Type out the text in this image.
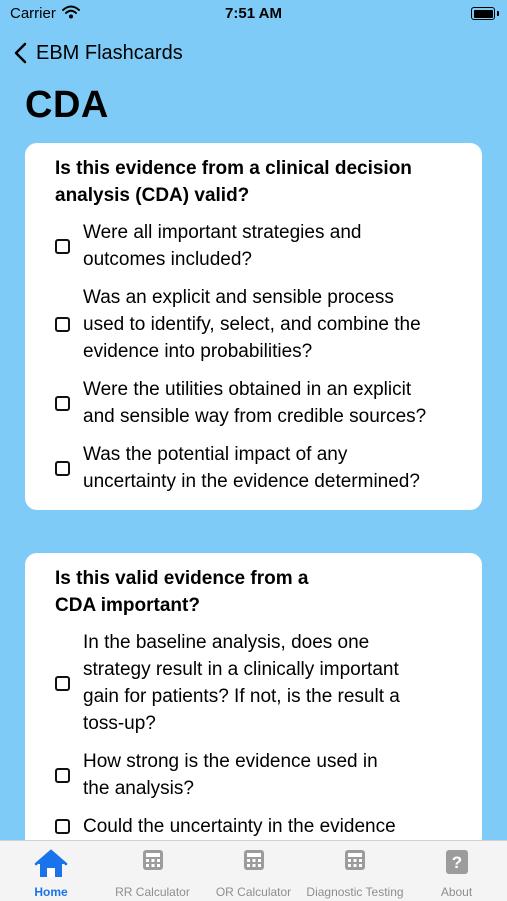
Carrier	7:51 AM
EBM Flashcards
CDA

Is this evidence from a clinical decision
analysis (CDA) valid?

Were all important strategies and
outcomes included?
Was an explicit and sensible process
used to identify, select, and combine the
evidence into probabilities?
Were the utilities obtained in an explicit
and sensible way from credible sources?
Was the potential impact of any
uncertainty in the evidence determined?

Is this valid evidence from a
CDA important?

In the baseline analysis, does one
strategy result in a clinically important
gain for patients? If not, is the result a
toss-up?
How strong is the evidence used in
the analysis?
Could the uncertainty in the evidence
Home	RR Calculator	OR Calculator	Diagnostic Testing
?
About
